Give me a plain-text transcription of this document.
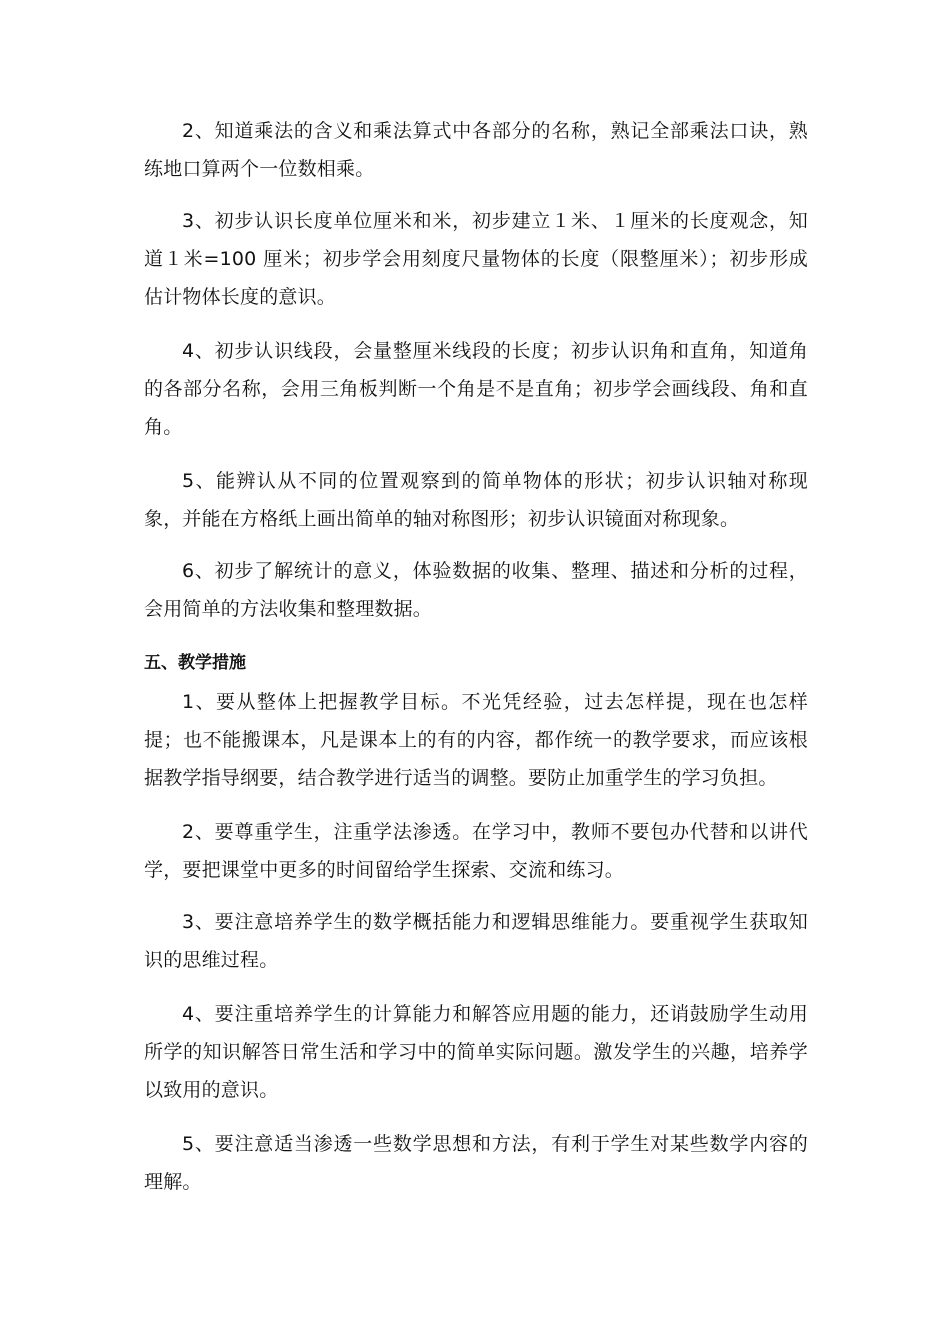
2、知道乘法的含义和乘法算式中各部分的名称，熟记全部乘法口诀，熟练地口算两个一位数相乘。

3、初步认识长度单位厘米和米，初步建立１米、１厘米的长度观念，知道１米=100 厘米；初步学会用刻度尺量物体的长度（限整厘米）；初步形成估计物体长度的意识。

4、初步认识线段，会量整厘米线段的长度；初步认识角和直角，知道角的各部分名称，会用三角板判断一个角是不是直角；初步学会画线段、角和直角。

5、能辨认从不同的位置观察到的简单物体的形状；初步认识轴对称现象，并能在方格纸上画出简单的轴对称图形；初步认识镜面对称现象。

6、初步了解统计的意义，体验数据的收集、整理、描述和分析的过程，会用简单的方法收集和整理数据。

五、教学措施

1、要从整体上把握教学目标。不光凭经验，过去怎样提，现在也怎样提；也不能搬课本，凡是课本上的有的内容，都作统一的教学要求，而应该根据教学指导纲要，结合教学进行适当的调整。要防止加重学生的学习负担。

2、要尊重学生，注重学法渗透。在学习中，教师不要包办代替和以讲代学，要把课堂中更多的时间留给学生探索、交流和练习。

3、要注意培养学生的数学概括能力和逻辑思维能力。要重视学生获取知识的思维过程。

4、要注重培养学生的计算能力和解答应用题的能力，还诮鼓励学生动用所学的知识解答日常生活和学习中的简单实际问题。激发学生的兴趣，培养学以致用的意识。

5、要注意适当渗透一些数学思想和方法，有利于学生对某些数学内容的理解。
